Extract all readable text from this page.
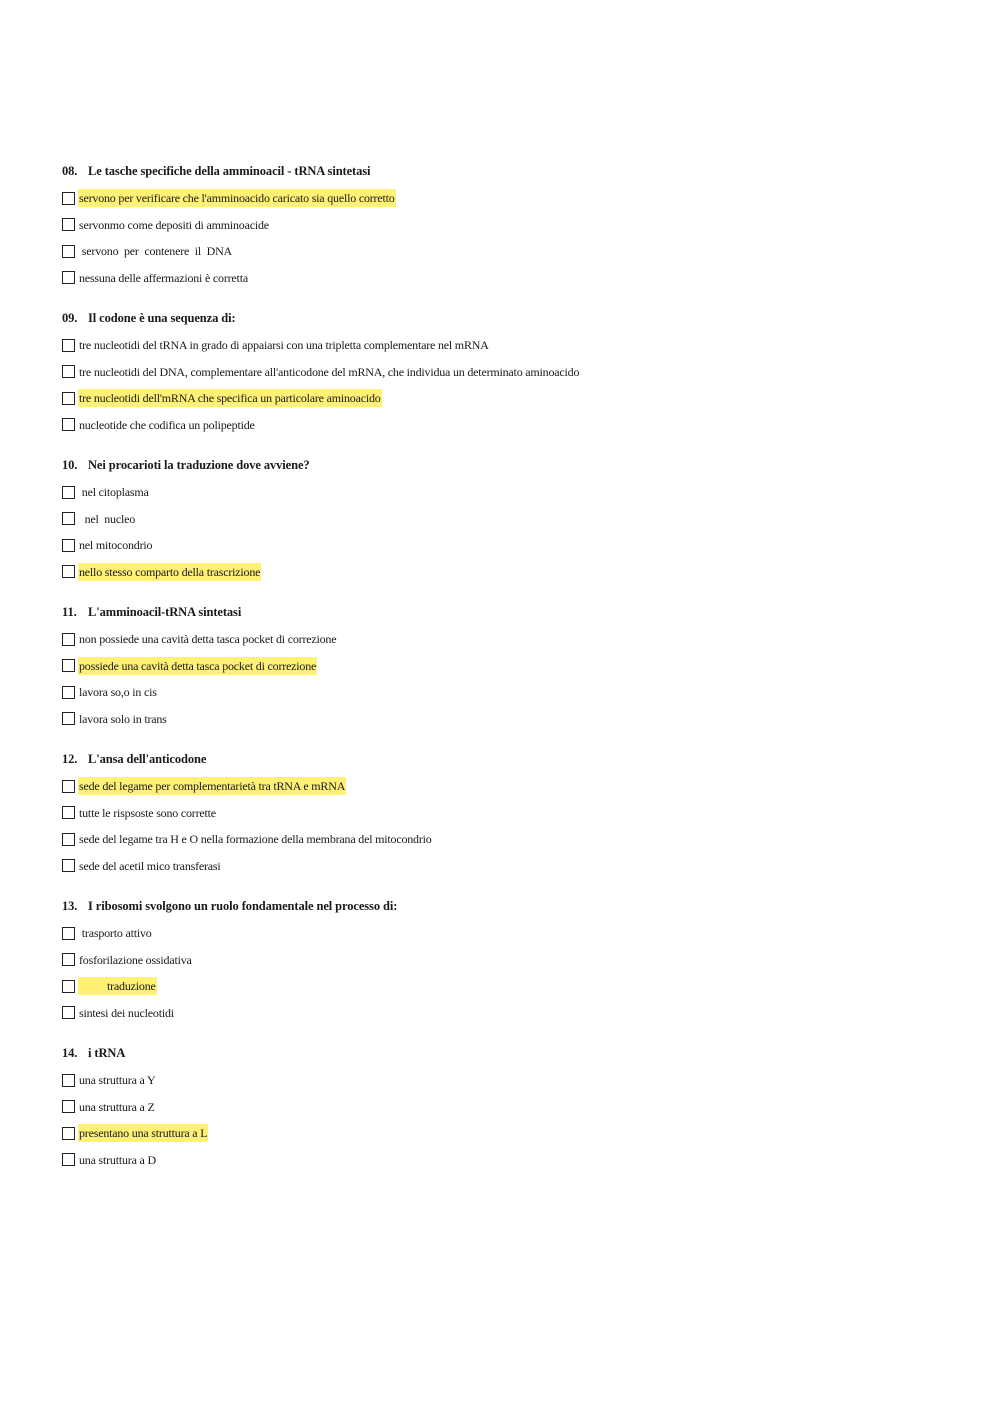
08. Le tasche specifiche della amminoacil - tRNA sintetasi
servono per verificare che l'amminoacido caricato sia quello corretto
servonmo come depositi di amminoacide
servono  per  contenere  il  DNA
nessuna delle affermazioni è corretta
09. Il codone è una sequenza di:
tre nucleotidi del tRNA in grado di appaiarsi con una tripletta complementare nel mRNA
tre nucleotidi del DNA, complementare all'anticodone del mRNA, che individua un determinato aminoacido
tre nucleotidi dell'mRNA che specifica un particolare aminoacido
nucleotide che codifica un polipeptide
10. Nei procarioti la traduzione dove avviene?
nel citoplasma
nel  nucleo
nel mitocondrio
nello stesso comparto della trascrizione
11. L'amminoacil-tRNA sintetasi
non possiede una cavità detta tasca pocket di correzione
possiede una cavità detta tasca pocket di correzione
lavora so,o in cis
lavora solo in trans
12. L'ansa dell'anticodone
sede del legame per complementarietà tra tRNA e mRNA
tutte le rispsoste sono corrette
sede del legame tra H e O nella formazione della membrana del mitocondrio
sede del acetil mico transferasi
13. I ribosomi svolgono un ruolo fondamentale nel processo di:
trasporto attivo
fosforilazione ossidativa
traduzione
sintesi dei nucleotidi
14. i tRNA
una struttura a Y
una struttura a Z
presentano una struttura a L
una struttura a D
